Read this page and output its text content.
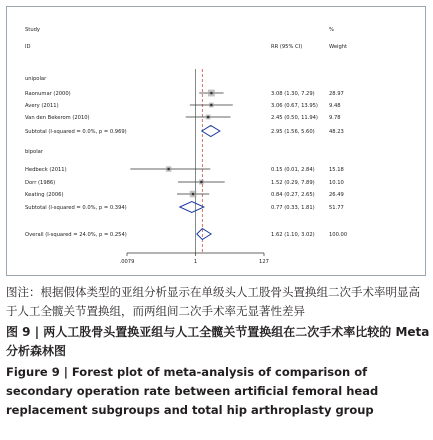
Study
ID	RR (95% CI)
%
Weight
unipolar
Raonumar (2000)	3.08 (1.30, 7.29)	28.97
Avery (2011)	3.06 (0.67, 13.95) 9.48
Van den Bekerom (2010)	2.45 (0.50, 11.94) 9.78
Subtotal (I-squared = 0.0%, p = 0.969)	2.95 (1.56, 5.60)	48.23
bipolar
Hedbeck (2011)	0.15 (0.01, 2.84)	15.18
Dorr (1986)	1.52 (0.29, 7.89)	10.10
Keating (2006)	0.84 (0.27, 2.65)	26.49
Subtotal (I-squared = 0.0%, p = 0.394)	0.77 (0.33, 1.81)	51.77
Overall (I-squared = 24.0%, p = 0.254)	1.62 (1.10, 3.02)	100.00
.0079	1	127
图注：根据假体类型的亚组分析显示在单级头人工股骨头置换组二次手术率明显高于人工全髋关节置换组，而两组间二次手术率无显著性差异
图 9 | 两人工股骨头置换亚组与人工全髋关节置换组在二次手术率比较的 Meta 分析森林图
Figure 9 | Forest plot of meta-analysis of comparison of secondary operation rate between artificial femoral head replacement subgroups and total hip arthroplasty group
